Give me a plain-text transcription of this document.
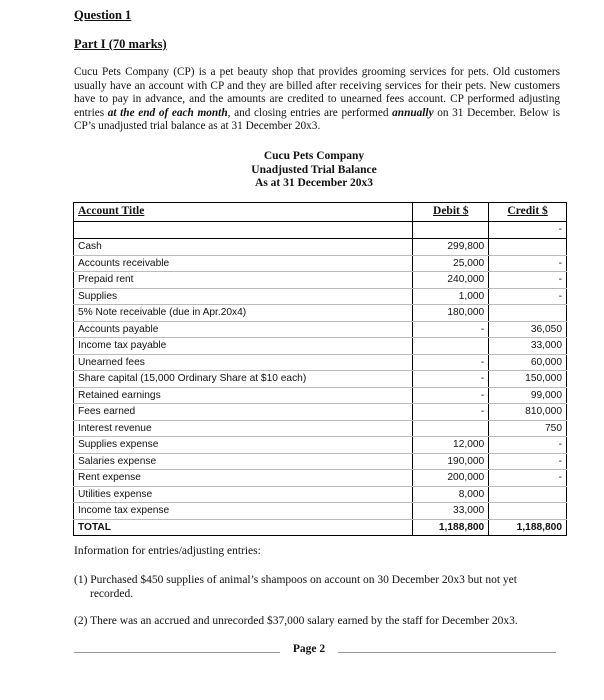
Question 1
Part I (70 marks)
Cucu Pets Company (CP) is a pet beauty shop that provides grooming services for pets. Old customers usually have an account with CP and they are billed after receiving services for their pets. New customers have to pay in advance, and the amounts are credited to unearned fees account. CP performed adjusting entries at the end of each month, and closing entries are performed annually on 31 December. Below is CP’s unadjusted trial balance as at 31 December 20x3.
Cucu Pets Company
Unadjusted Trial Balance
As at 31 December 20x3
Account Title	Debit $	Credit $
		-
Cash	299,800	
Accounts receivable	25,000	-
Prepaid rent	240,000	-
Supplies	1,000	-
5% Note receivable (due in Apr.20x4)	180,000	
Accounts payable	-	36,050
Income tax payable		33,000
Unearned fees	-	60,000
Share capital (15,000 Ordinary Share at $10 each)	-	150,000
Retained earnings	-	99,000
Fees earned	-	810,000
Interest revenue		750
Supplies expense	12,000	-
Salaries expense	190,000	-
Rent expense	200,000	-
Utilities expense	8,000	
Income tax expense	33,000	
TOTAL	1,188,800	1,188,800
Information for entries/adjusting entries:
(1) Purchased $450 supplies of animal’s shampoos on account on 30 December 20x3 but not yet
recorded.
(2) There was an accrued and unrecorded $37,000 salary earned by the staff for December 20x3.
Page 2
